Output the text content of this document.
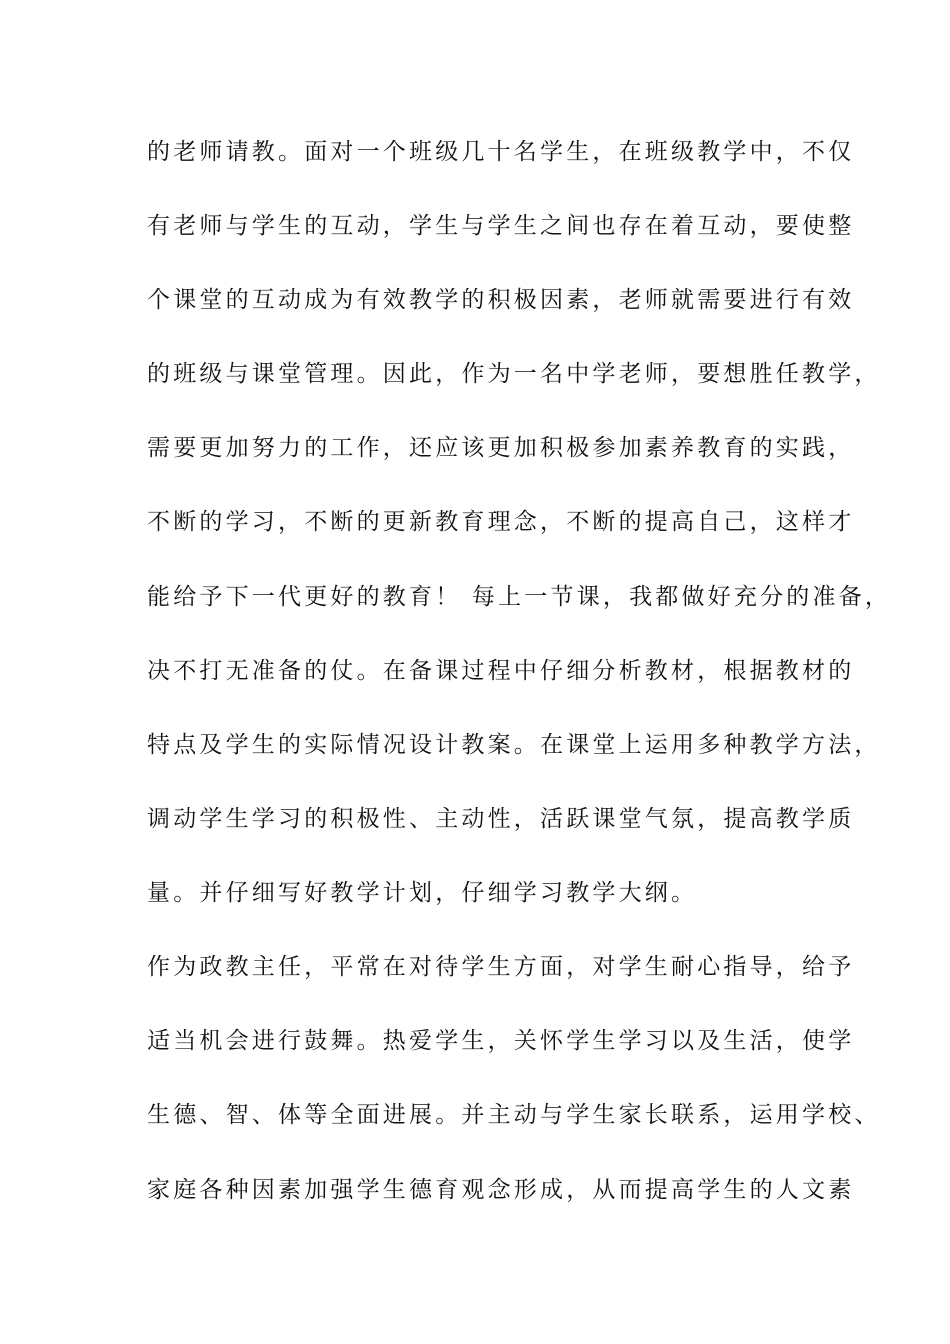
的老师请教。面对一个班级几十名学生，在班级教学中，不仅
有老师与学生的互动，学生与学生之间也存在着互动，要使整
个课堂的互动成为有效教学的积极因素，老师就需要进行有效
的班级与课堂管理。因此，作为一名中学老师，要想胜任教学，
需要更加努力的工作，还应该更加积极参加素养教育的实践，
不断的学习，不断的更新教育理念，不断的提高自己，这样才
能给予下一代更好的教育！ 每上一节课，我都做好充分的准备，
决不打无准备的仗。在备课过程中仔细分析教材，根据教材的
特点及学生的实际情况设计教案。在课堂上运用多种教学方法，
调动学生学习的积极性、主动性，活跃课堂气氛，提高教学质
量。并仔细写好教学计划，仔细学习教学大纲。
作为政教主任，平常在对待学生方面，对学生耐心指导，给予
适当机会进行鼓舞。热爱学生，关怀学生学习以及生活，使学
生德、智、体等全面进展。并主动与学生家长联系，运用学校、
家庭各种因素加强学生德育观念形成，从而提高学生的人文素
